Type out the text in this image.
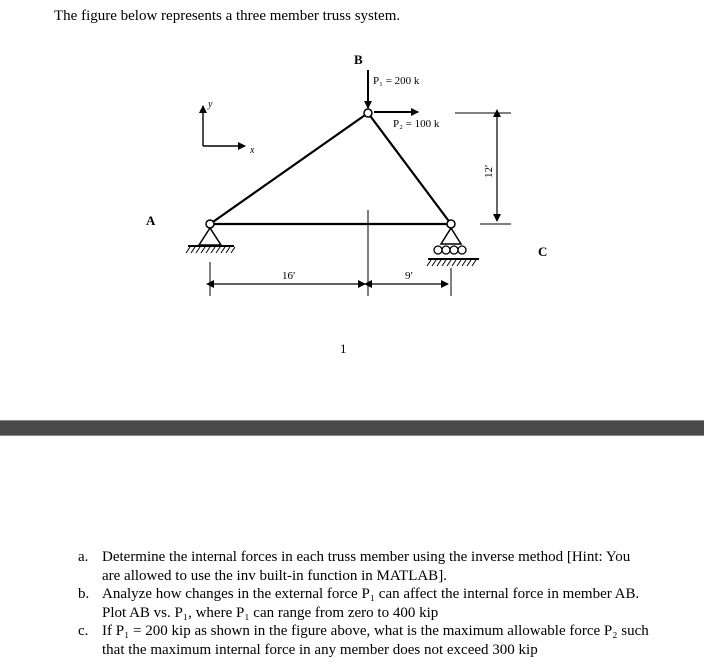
The figure below represents a three member truss system.
y
x
P₁ = 200 k
P₂ = 100 k
12′
16′	9′
A
B
C
1
a. Determine the internal forces in each truss member using the inverse method [Hint: You
are allowed to use the inv built-in function in MATLAB].
b. Analyze how changes in the external force P₁ can affect the internal force in member AB.
Plot AB vs. P₁, where P₁ can range from zero to 400 kip
c. If P₁ = 200 kip as shown in the figure above, what is the maximum allowable force P₂ such
that the maximum internal force in any member does not exceed 300 kip
